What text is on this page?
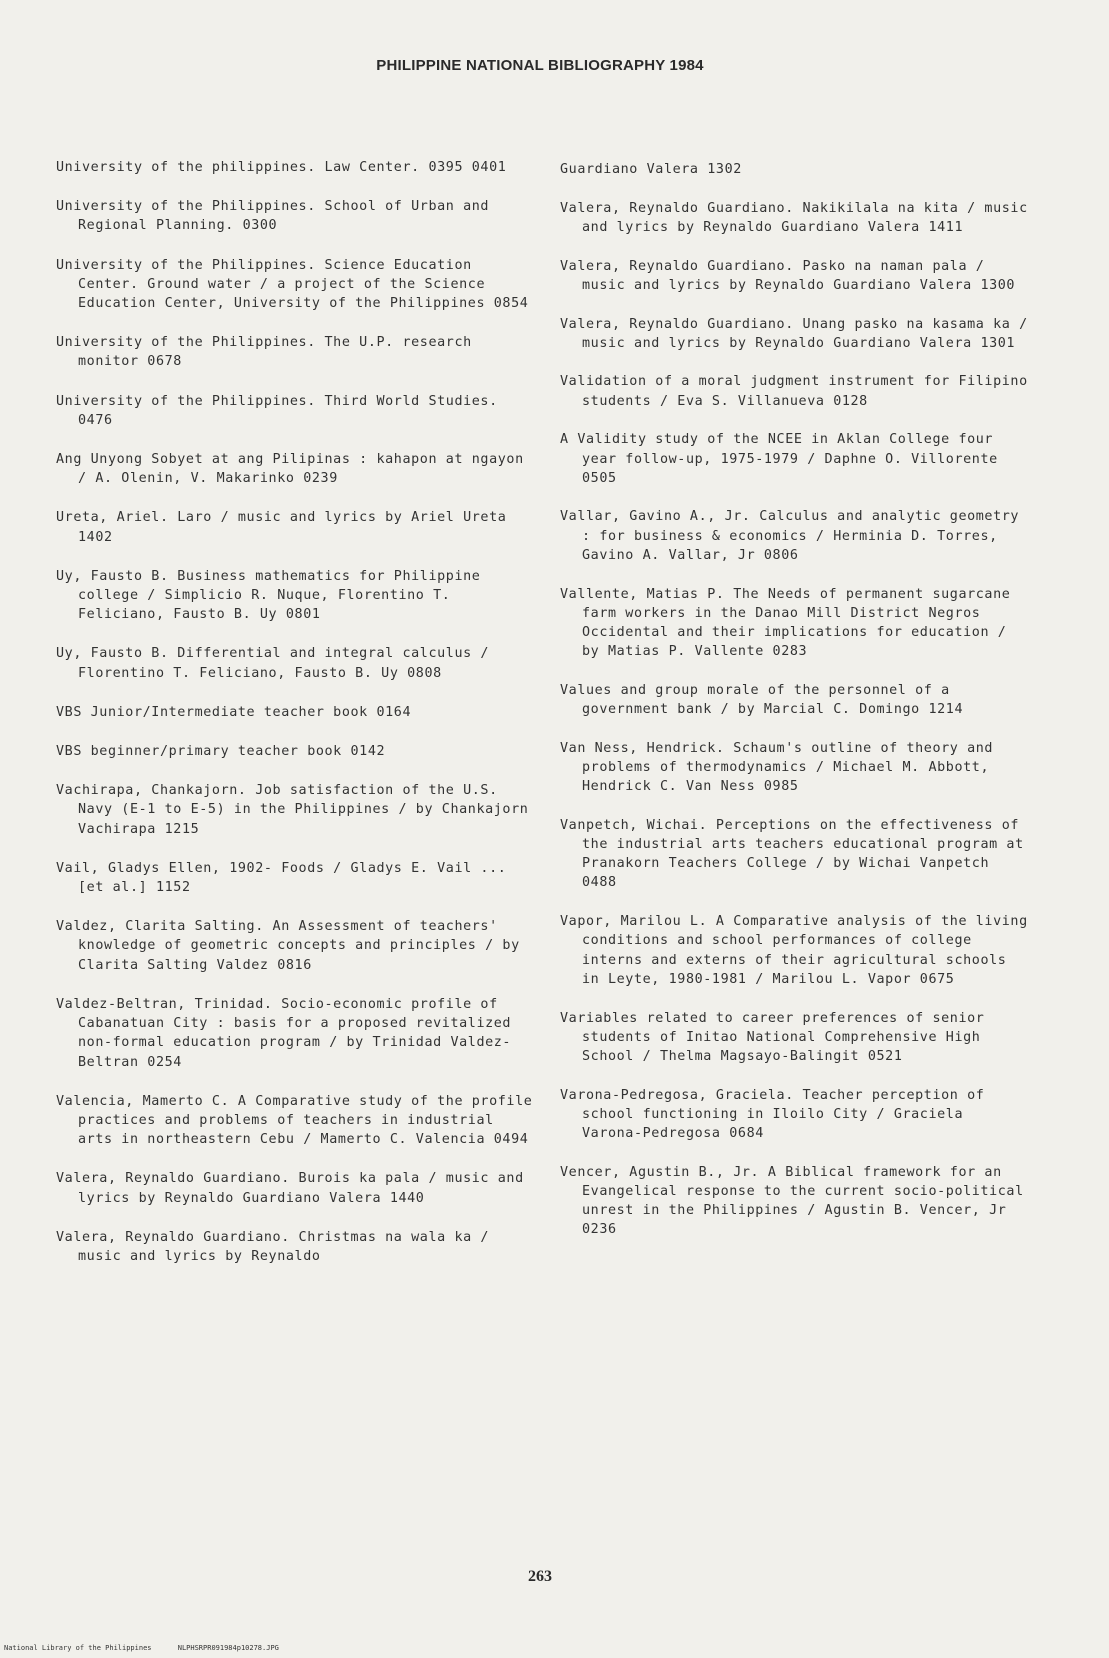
PHILIPPINE NATIONAL BIBLIOGRAPHY 1984

University of the philippines. Law Center. 0395 0401

University of the Philippines. School of Urban and Regional Planning. 0300

University of the Philippines. Science Education Center. Ground water / a project of the Science Education Center, University of the Philippines 0854

University of the Philippines. The U.P. research monitor 0678

University of the Philippines. Third World Studies. 0476

Ang Unyong Sobyet at ang Pilipinas : kahapon at ngayon / A. Olenin, V. Makarinko 0239

Ureta, Ariel. Laro / music and lyrics by Ariel Ureta 1402

Uy, Fausto B. Business mathematics for Philippine college / Simplicio R. Nuque, Florentino T. Feliciano, Fausto B. Uy 0801

Uy, Fausto B. Differential and integral calculus / Florentino T. Feliciano, Fausto B. Uy 0808

VBS Junior/Intermediate teacher book 0164

VBS beginner/primary teacher book 0142

Vachirapa, Chankajorn. Job satisfaction of the U.S. Navy (E-1 to E-5) in the Philippines / by Chankajorn Vachirapa 1215

Vail, Gladys Ellen, 1902- Foods / Gladys E. Vail ... [et al.] 1152

Valdez, Clarita Salting. An Assessment of teachers' knowledge of geometric concepts and principles / by Clarita Salting Valdez 0816

Valdez-Beltran, Trinidad. Socio-economic profile of Cabanatuan City : basis for a proposed revitalized non-formal education program / by Trinidad Valdez-Beltran 0254

Valencia, Mamerto C. A Comparative study of the profile practices and problems of teachers in industrial arts in northeastern Cebu / Mamerto C. Valencia 0494

Valera, Reynaldo Guardiano. Burois ka pala / music and lyrics by Reynaldo Guardiano Valera 1440

Valera, Reynaldo Guardiano. Christmas na wala ka / music and lyrics by Reynaldo

Guardiano Valera 1302

Valera, Reynaldo Guardiano. Nakikilala na kita / music and lyrics by Reynaldo Guardiano Valera 1411

Valera, Reynaldo Guardiano. Pasko na naman pala / music and lyrics by Reynaldo Guardiano Valera 1300

Valera, Reynaldo Guardiano. Unang pasko na kasama ka / music and lyrics by Reynaldo Guardiano Valera 1301

Validation of a moral judgment instrument for Filipino students / Eva S. Villanueva 0128

A Validity study of the NCEE in Aklan College four year follow-up, 1975-1979 / Daphne O. Villorente 0505

Vallar, Gavino A., Jr. Calculus and analytic geometry : for business & economics / Herminia D. Torres, Gavino A. Vallar, Jr 0806

Vallente, Matias P. The Needs of permanent sugarcane farm workers in the Danao Mill District Negros Occidental and their implications for education / by Matias P. Vallente 0283

Values and group morale of the personnel of a government bank / by Marcial C. Domingo 1214

Van Ness, Hendrick. Schaum's outline of theory and problems of thermodynamics / Michael M. Abbott, Hendrick C. Van Ness 0985

Vanpetch, Wichai. Perceptions on the effectiveness of the industrial arts teachers educational program at Pranakorn Teachers College / by Wichai Vanpetch 0488

Vapor, Marilou L. A Comparative analysis of the living conditions and school performances of college interns and externs of their agricultural schools in Leyte, 1980-1981 / Marilou L. Vapor 0675

Variables related to career preferences of senior students of Initao National Comprehensive High School / Thelma Magsayo-Balingit 0521

Varona-Pedregosa, Graciela. Teacher perception of school functioning in Iloilo City / Graciela Varona-Pedregosa 0684

Vencer, Agustin B., Jr. A Biblical framework for an Evangelical response to the current socio-political unrest in the Philippines / Agustin B. Vencer, Jr 0236

263
National Library of the Philippines	NLPHSRPR091984p10278.JPG
